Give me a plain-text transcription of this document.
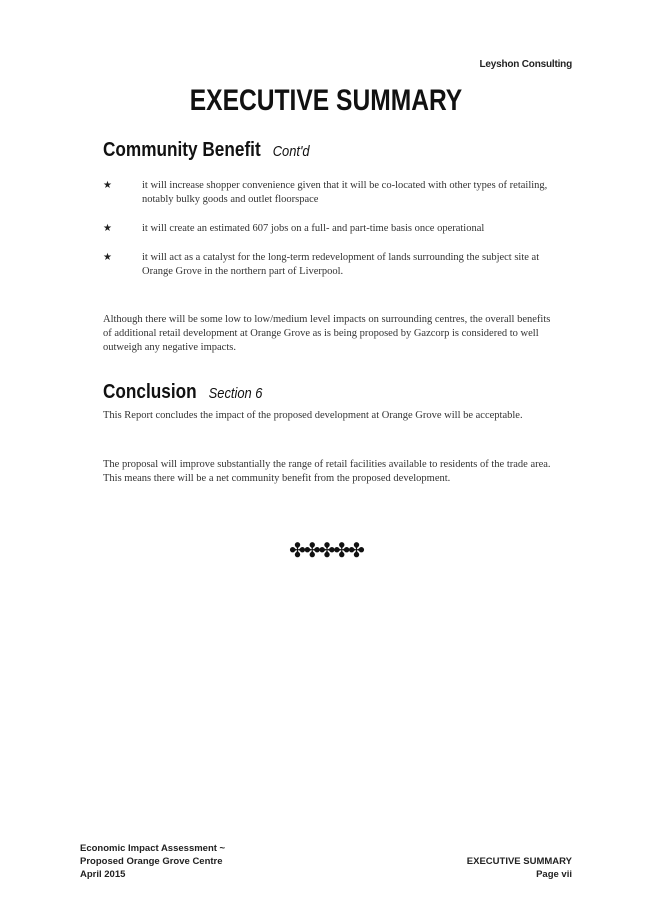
Leyshon Consulting
EXECUTIVE SUMMARY
Community Benefit Cont'd
★	it will increase shopper convenience given that it will be co-located with other types of retailing, notably bulky goods and outlet floorspace
★	it will create an estimated 607 jobs on a full- and part-time basis once operational
★	it will act as a catalyst for the long-term redevelopment of lands surrounding the subject site at Orange Grove in the northern part of Liverpool.

Although there will be some low to low/medium level impacts on surrounding centres, the overall benefits of additional retail development at Orange Grove as is being proposed by Gazcorp is considered to well outweigh any negative impacts.

Conclusion Section 6

This Report concludes the impact of the proposed development at Orange Grove will be acceptable.

The proposal will improve substantially the range of retail facilities available to residents of the trade area. This means there will be a net community benefit from the proposed development.

✤✤✤✤✤
Economic Impact Assessment ~
Proposed Orange Grove Centre
April 2015
EXECUTIVE SUMMARY
Page vii
